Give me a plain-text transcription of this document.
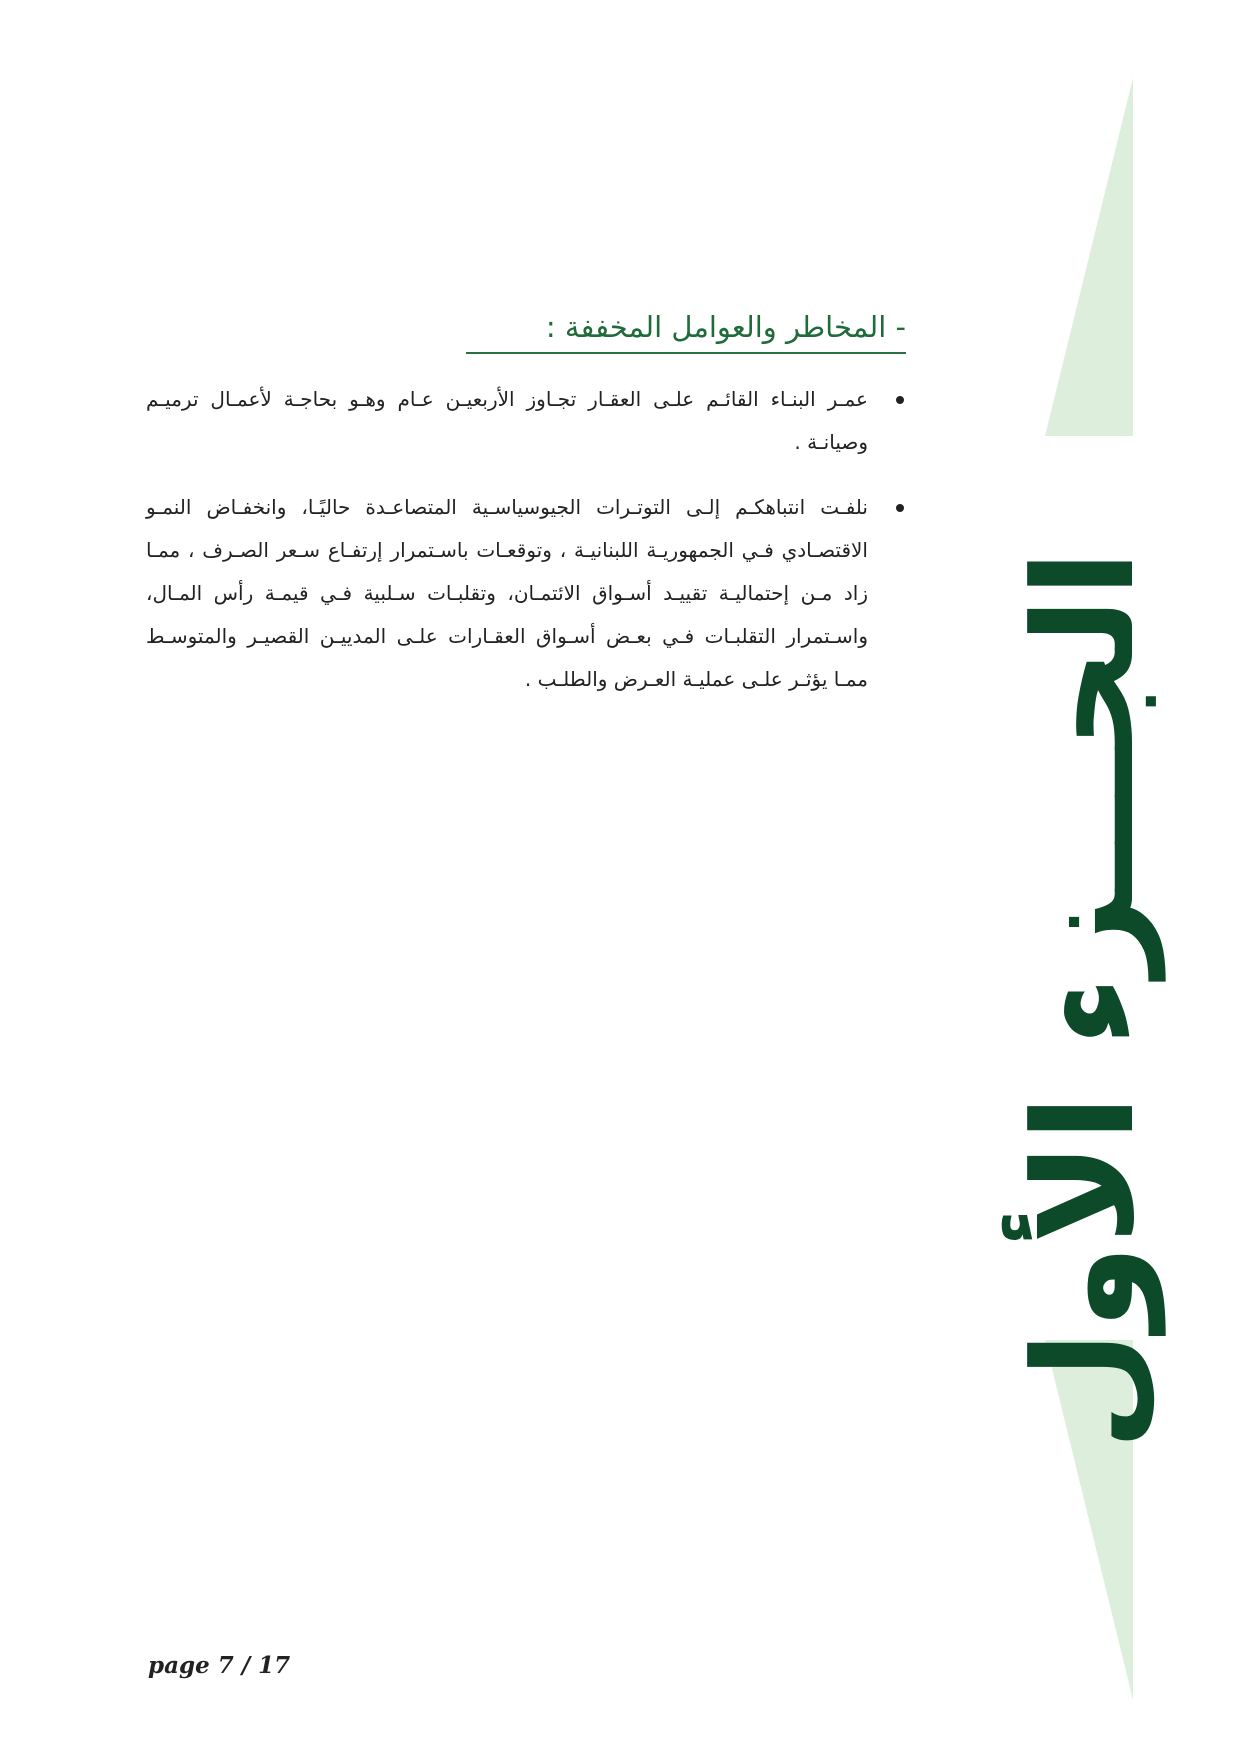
الجـــزء الأول
- المخاطر والعوامل المخففة :
عمـر البنـاء القائـم علـى العقـار تجـاوز الأربعيـن عـام وهـو بحاجـة لأعمـال ترميـم وصيانـة .
نلفـت انتباهكـم إلـى التوتـرات الجيوسياسـية المتصاعـدة حاليًـا، وانخفـاض النمـو الاقتصـادي فـي الجمهوريـة اللبنانيـة ، وتوقعـات باسـتمرار إرتفـاع سـعر الصـرف ، ممـا زاد مـن إحتماليـة تقييـد أسـواق الائتمـان، وتقلبـات سـلبية فـي قيمـة رأس المـال، واسـتمرار التقلبـات فـي بعـض أسـواق العقـارات علـى المدييـن القصيـر والمتوسـط ممـا يؤثـر علـى عمليـة العـرض والطلـب .
page 7 / 17
